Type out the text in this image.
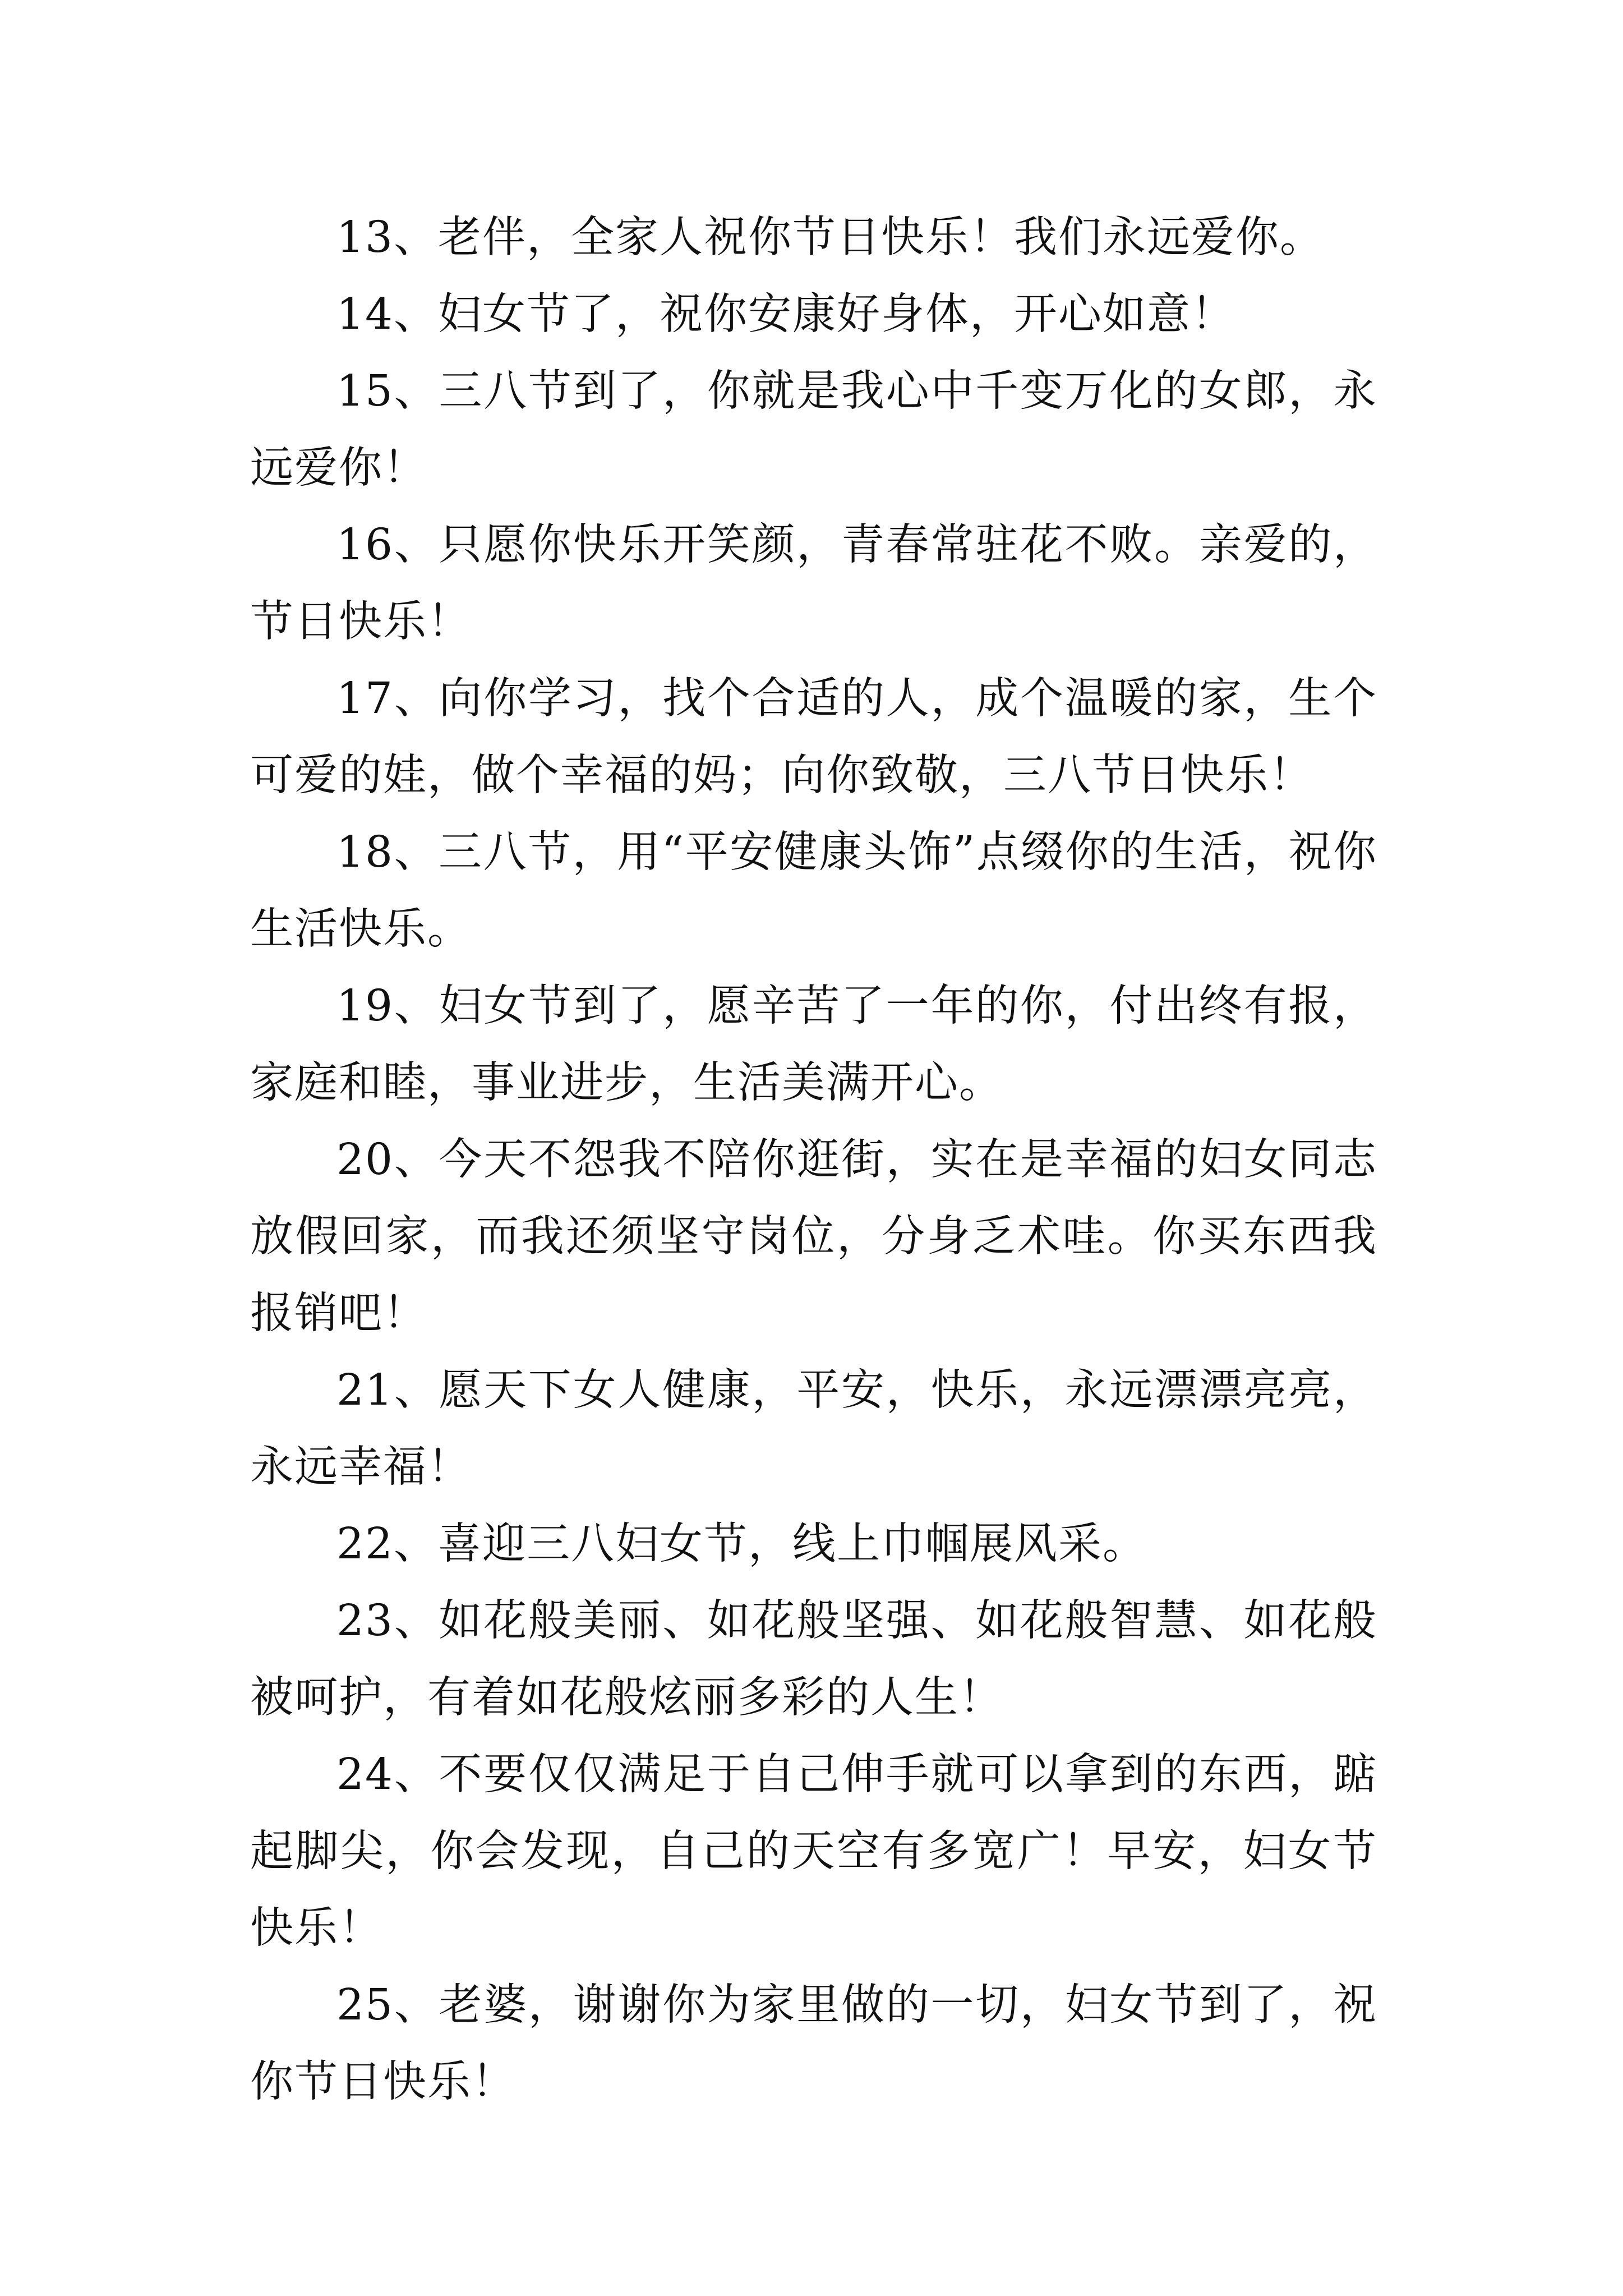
13、老伴，全家人祝你节日快乐！我们永远爱你。

14、妇女节了，祝你安康好身体，开心如意！

15、三八节到了，你就是我心中千变万化的女郎，永远爱你！

16、只愿你快乐开笑颜，青春常驻花不败。亲爱的，节日快乐！

17、向你学习，找个合适的人，成个温暖的家，生个可爱的娃，做个幸福的妈；向你致敬，三八节日快乐！

18、三八节，用“平安健康头饰”点缀你的生活，祝你生活快乐。

19、妇女节到了，愿辛苦了一年的你，付出终有报，家庭和睦，事业进步，生活美满开心。

20、今天不怨我不陪你逛街，实在是幸福的妇女同志放假回家，而我还须坚守岗位，分身乏术哇。你买东西我报销吧！

21、愿天下女人健康，平安，快乐，永远漂漂亮亮，永远幸福！

22、喜迎三八妇女节，线上巾帼展风采。

23、如花般美丽、如花般坚强、如花般智慧、如花般被呵护，有着如花般炫丽多彩的人生！

24、不要仅仅满足于自己伸手就可以拿到的东西，踮起脚尖，你会发现，自己的天空有多宽广！早安，妇女节快乐！

25、老婆，谢谢你为家里做的一切，妇女节到了，祝你节日快乐！
